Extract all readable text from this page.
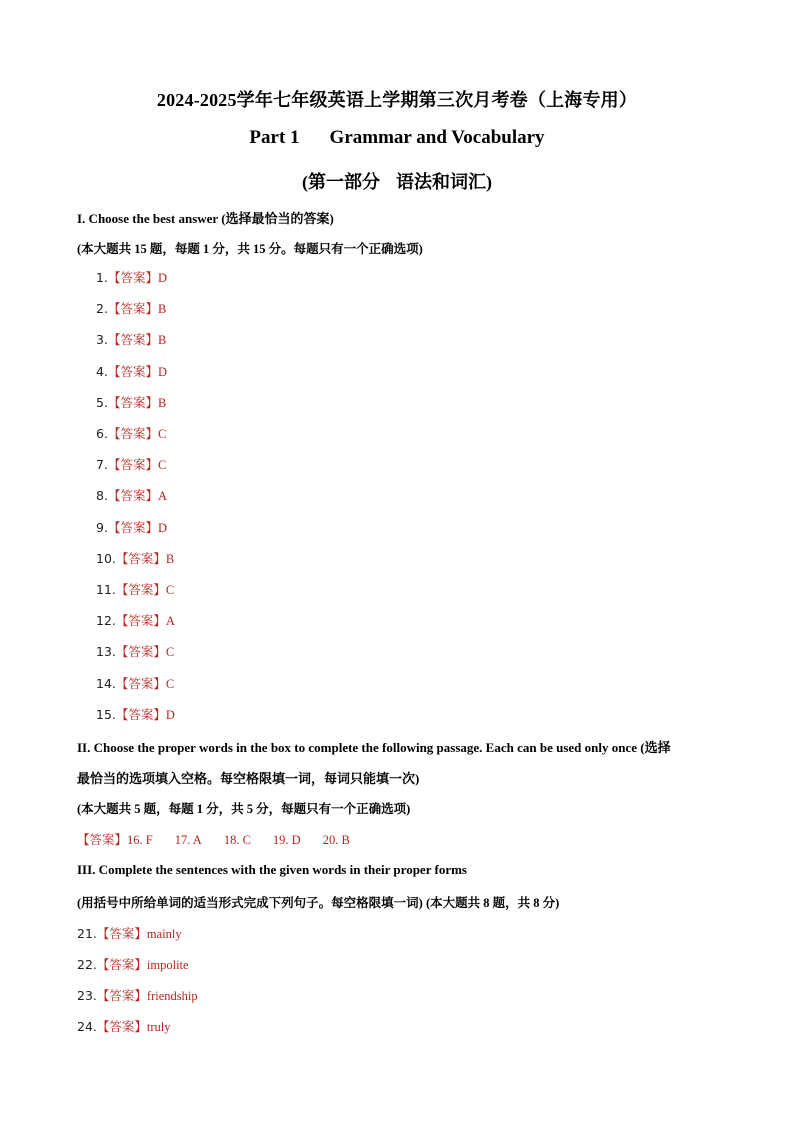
2024-2025学年七年级英语上学期第三次月考卷（上海专用）
Part 1 Grammar and Vocabulary
(第一部分 语法和词汇)
I. Choose the best answer (选择最恰当的答案)
(本大题共 15 题，每题 1 分，共 15 分。每题只有一个正确选项)
1.【答案】D
2.【答案】B
3.【答案】B
4.【答案】D
5.【答案】B
6.【答案】C
7.【答案】C
8.【答案】A
9.【答案】D
10.【答案】B
11.【答案】C
12.【答案】A
13.【答案】C
14.【答案】C
15.【答案】D
II. Choose the proper words in the box to complete the following passage. Each can be used only once (选择
最恰当的选项填入空格。每空格限填一词，每词只能填一次)
(本大题共 5 题，每题 1 分，共 5 分，每题只有一个正确选项)
【答案】16. F 17. A 18. C 19. D 20. B
III. Complete the sentences with the given words in their proper forms
(用括号中所给单词的适当形式完成下列句子。每空格限填一词) (本大题共 8 题，共 8 分)
21.【答案】mainly
22.【答案】impolite
23.【答案】friendship
24.【答案】truly
